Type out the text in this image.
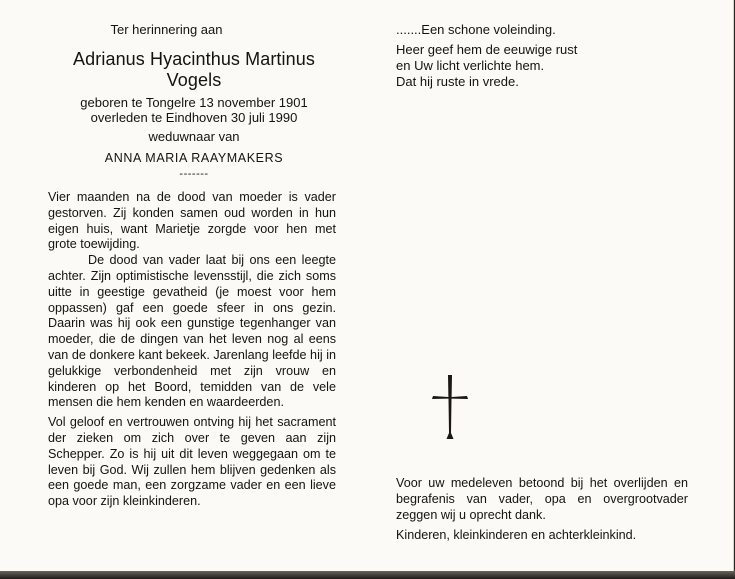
Ter herinnering aan
Adrianus Hyacinthus Martinus
Vogels
geboren te Tongelre 13 november 1901
overleden te Eindhoven 30 juli 1990
weduwnaar van
ANNA MARIA RAAYMAKERS
-------

Vier maanden na de dood van moeder is vader gestorven. Zij konden samen oud worden in hun eigen huis, want Marietje zorgde voor hen met grote toewijding.

De dood van vader laat bij ons een leegte achter. Zijn optimistische levensstijl, die zich soms uitte in geestige gevatheid (je moest voor hem oppassen) gaf een goede sfeer in ons gezin. Daarin was hij ook een gunstige tegenhanger van moeder, die de dingen van het leven nog al eens van de donkere kant bekeek. Jarenlang leefde hij in gelukkige verbondenheid met zijn vrouw en kinderen op het Boord, temidden van de vele mensen die hem kenden en waardeerden.

Vol geloof en vertrouwen ontving hij het sacrament der zieken om zich over te geven aan zijn Schepper. Zo is hij uit dit leven weggegaan om te leven bij God. Wij zullen hem blijven gedenken als een goede man, een zorgzame vader en een lieve opa voor zijn kleinkinderen.

.......Een schone voleinding.
Heer geef hem de eeuwige rust
en Uw licht verlichte hem.
Dat hij ruste in vrede.

Voor uw medeleven betoond bij het overlijden en begrafenis van vader, opa en overgrootvader zeggen wij u oprecht dank.

Kinderen, kleinkinderen en achterkleinkind.
